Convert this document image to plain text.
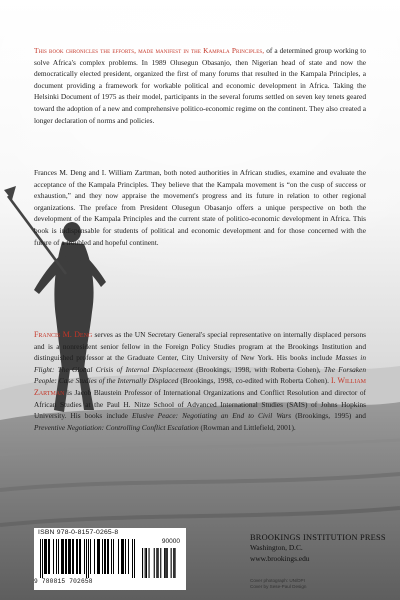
This book chronicles the efforts, made manifest in the Kampala Principles, of a determined group working to solve Africa's complex problems. In 1989 Olusegun Obasanjo, then Nigerian head of state and now the democratically elected president, organized the first of many forums that resulted in the Kampala Principles, a document providing a framework for workable political and economic development in Africa. Taking the Helsinki Document of 1975 as their model, participants in the several forums settled on seven key tenets geared toward the adoption of a new and comprehensive politico-economic regime on the continent. They also created a longer declaration of norms and policies.
Frances M. Deng and I. William Zartman, both noted authorities in African studies, examine and evaluate the acceptance of the Kampala Principles. They believe that the Kampala movement is “on the cusp of success or exhaustion,” and they now appraise the movement's progress and its future in relation to other regional organizations. The preface from President Olusegun Obasanjo offers a unique perspective on both the development of the Kampala Principles and the current state of politico-economic development in Africa. This book is indispensable for students of political and economic development and for those concerned with the future of a troubled and hopeful continent.
Francis M. Deng serves as the UN Secretary General's special representative on internally displaced persons and is a nonresident senior fellow in the Foreign Policy Studies program at the Brookings Institution and distinguished professor at the Graduate Center, City University of New York. His books include Masses in Flight: The Global Crisis of Internal Displacement (Brookings, 1998, with Roberta Cohen), The Forsaken People: Case Studies of the Internally Displaced (Brookings, 1998, co-edited with Roberta Cohen). I. William Zartman is Jacob Blaustein Professor of International Organizations and Conflict Resolution and director of African Studies at the Paul H. Nitze School of Advanced International Studies (SAIS) of Johns Hopkins University. His books include Elusive Peace: Negotiating an End to Civil Wars (Brookings, 1995) and Preventive Negotiation: Controlling Conflict Escalation (Rowman and Littlefield, 2001).
ISBN 978-0-8157-0265-8
90000
9 780815 702658
BROOKINGS INSTITUTION PRESS
Washington, D.C.
www.brookings.edu
Cover photograph: UN/DPI
Cover by Sese-Paul Design
